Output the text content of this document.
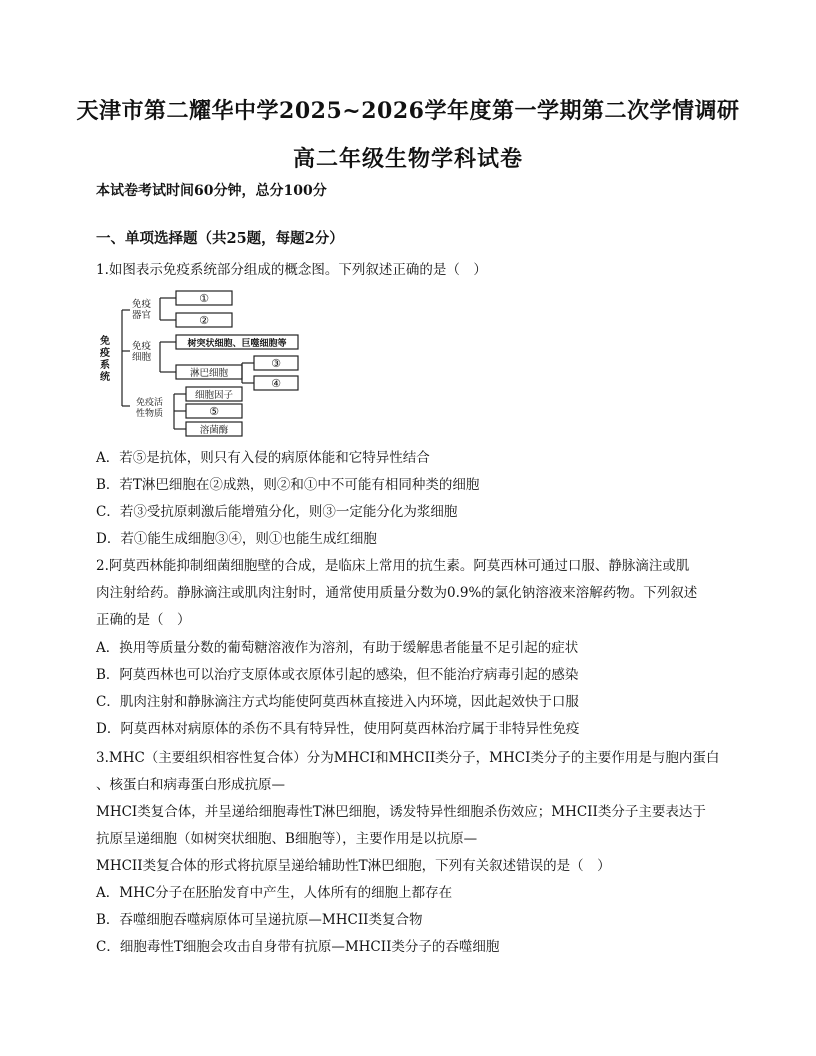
天津市第二耀华中学2025~2026学年度第一学期第二次学情调研
高二年级生物学科试卷
本试卷考试时间60分钟，总分100分
一、单项选择题（共25题，每题2分）
1.如图表示免疫系统部分组成的概念图。下列叙述正确的是（　）
免 疫 系 统
免疫 器官
免疫 细胞
免疫活 性物质
①
②
树突状细胞、巨噬细胞等
淋巴细胞
③
④
细胞因子
⑤
溶菌酶
A．若⑤是抗体，则只有入侵的病原体能和它特异性结合
B．若T淋巴细胞在②成熟，则②和①中不可能有相同种类的细胞
C．若③受抗原刺激后能增殖分化，则③一定能分化为浆细胞
D．若①能生成细胞③④，则①也能生成红细胞
2.阿莫西林能抑制细菌细胞壁的合成，是临床上常用的抗生素。阿莫西林可通过口服、静脉滴注或肌
肉注射给药。静脉滴注或肌肉注射时，通常使用质量分数为0.9%的氯化钠溶液来溶解药物。下列叙述
正确的是（　）
A．换用等质量分数的葡萄糖溶液作为溶剂，有助于缓解患者能量不足引起的症状
B．阿莫西林也可以治疗支原体或衣原体引起的感染，但不能治疗病毒引起的感染
C．肌肉注射和静脉滴注方式均能使阿莫西林直接进入内环境，因此起效快于口服
D．阿莫西林对病原体的杀伤不具有特异性，使用阿莫西林治疗属于非特异性免疫
3.MHC（主要组织相容性复合体）分为MHCI和MHCII类分子，MHCI类分子的主要作用是与胞内蛋白
、核蛋白和病毒蛋白形成抗原—
MHCI类复合体，并呈递给细胞毒性T淋巴细胞，诱发特异性细胞杀伤效应；MHCII类分子主要表达于
抗原呈递细胞（如树突状细胞、B细胞等），主要作用是以抗原—
MHCII类复合体的形式将抗原呈递给辅助性T淋巴细胞，下列有关叙述错误的是（　）
A．MHC分子在胚胎发育中产生，人体所有的细胞上都存在
B．吞噬细胞吞噬病原体可呈递抗原—MHCII类复合物
C．细胞毒性T细胞会攻击自身带有抗原—MHCII类分子的吞噬细胞
